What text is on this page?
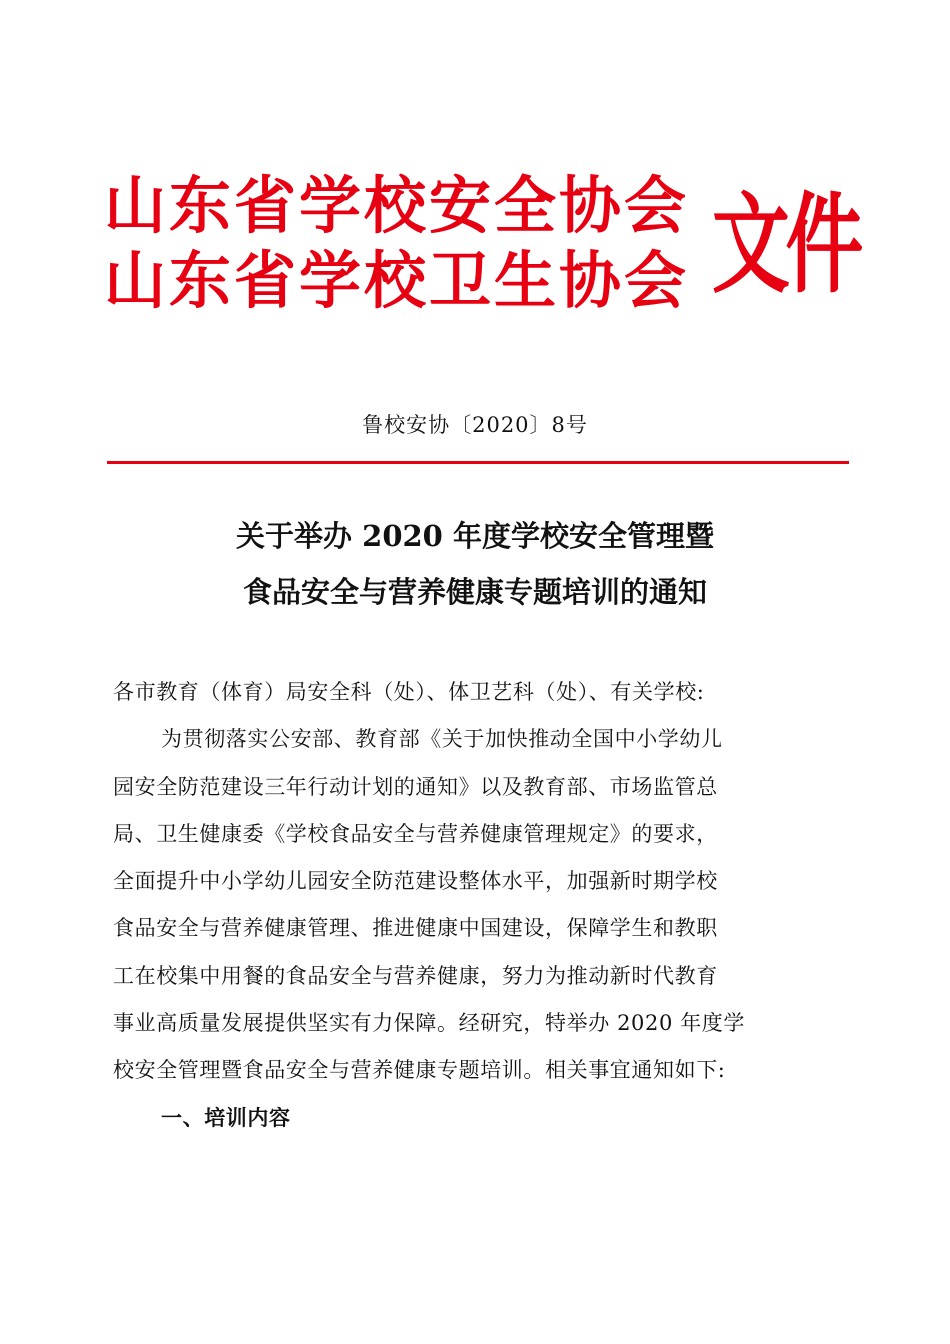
山东省学校安全协会
山东省学校卫生协会 文件
鲁校安协〔2020〕8号
关于举办 2020 年度学校安全管理暨
食品安全与营养健康专题培训的通知

各市教育（体育）局安全科（处）、体卫艺科（处）、有关学校:

为贯彻落实公安部、教育部《关于加快推动全国中小学幼儿

园安全防范建设三年行动计划的通知》以及教育部、市场监管总

局、卫生健康委《学校食品安全与营养健康管理规定》的要求，

全面提升中小学幼儿园安全防范建设整体水平，加强新时期学校

食品安全与营养健康管理、推进健康中国建设，保障学生和教职

工在校集中用餐的食品安全与营养健康，努力为推动新时代教育

事业高质量发展提供坚实有力保障。经研究，特举办 2020 年度学

校安全管理暨食品安全与营养健康专题培训。相关事宜通知如下:

一、培训内容
